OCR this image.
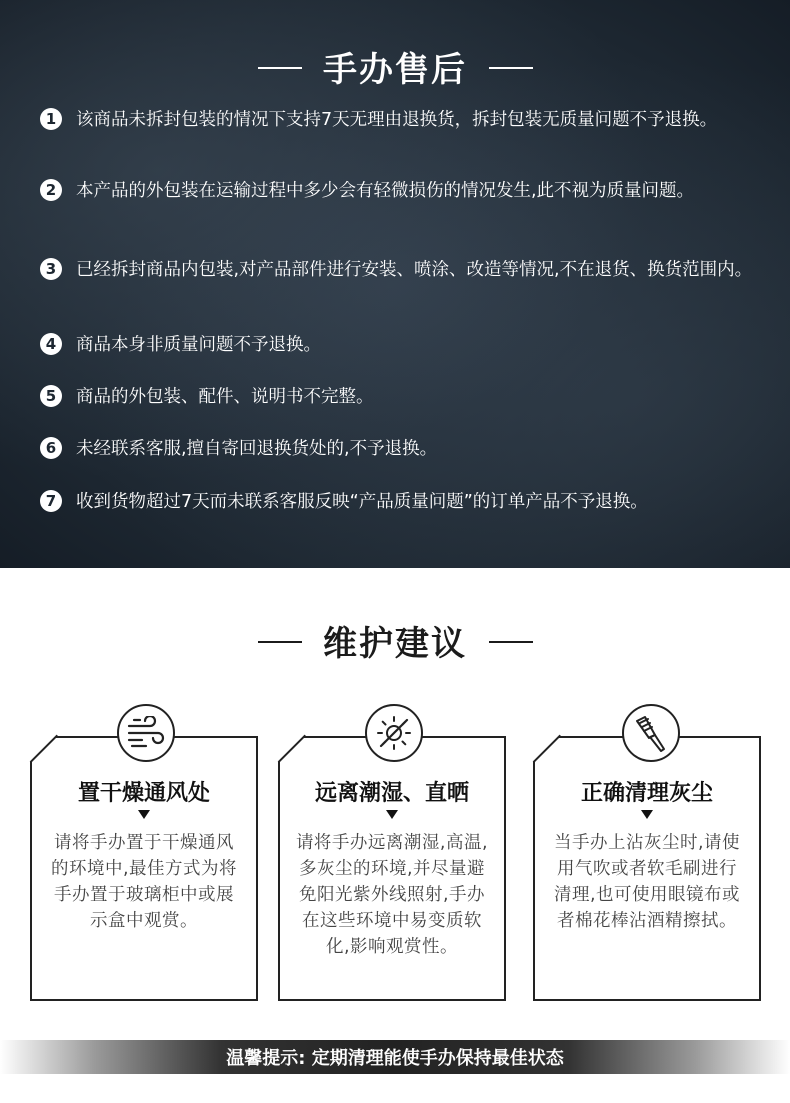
手办售后
1	该商品未拆封包装的情况下支持7天无理由退换货，拆封包装无质量问题不予退换。
2	本产品的外包装在运输过程中多少会有轻微损伤的情况发生,此不视为质量问题。
3	已经拆封商品内包装,对产品部件进行安装、喷涂、改造等情况,不在退货、换货范围内。
4	商品本身非质量问题不予退换。
5	商品的外包装、配件、说明书不完整。
6	未经联系客服,擅自寄回退换货处的,不予退换。
7	收到货物超过7天而未联系客服反映“产品质量问题”的订单产品不予退换。
维护建议
置干燥通风处
请将手办置于干燥通风的环境中,最佳方式为将手办置于玻璃柜中或展示盒中观赏。
远离潮湿、直晒
请将手办远离潮湿,高温,多灰尘的环境,并尽量避免阳光紫外线照射,手办在这些环境中易变质软化,影响观赏性。
正确清理灰尘
当手办上沾灰尘时,请使用气吹或者软毛刷进行清理,也可使用眼镜布或者棉花棒沾酒精擦拭。
温馨提示: 定期清理能使手办保持最佳状态
